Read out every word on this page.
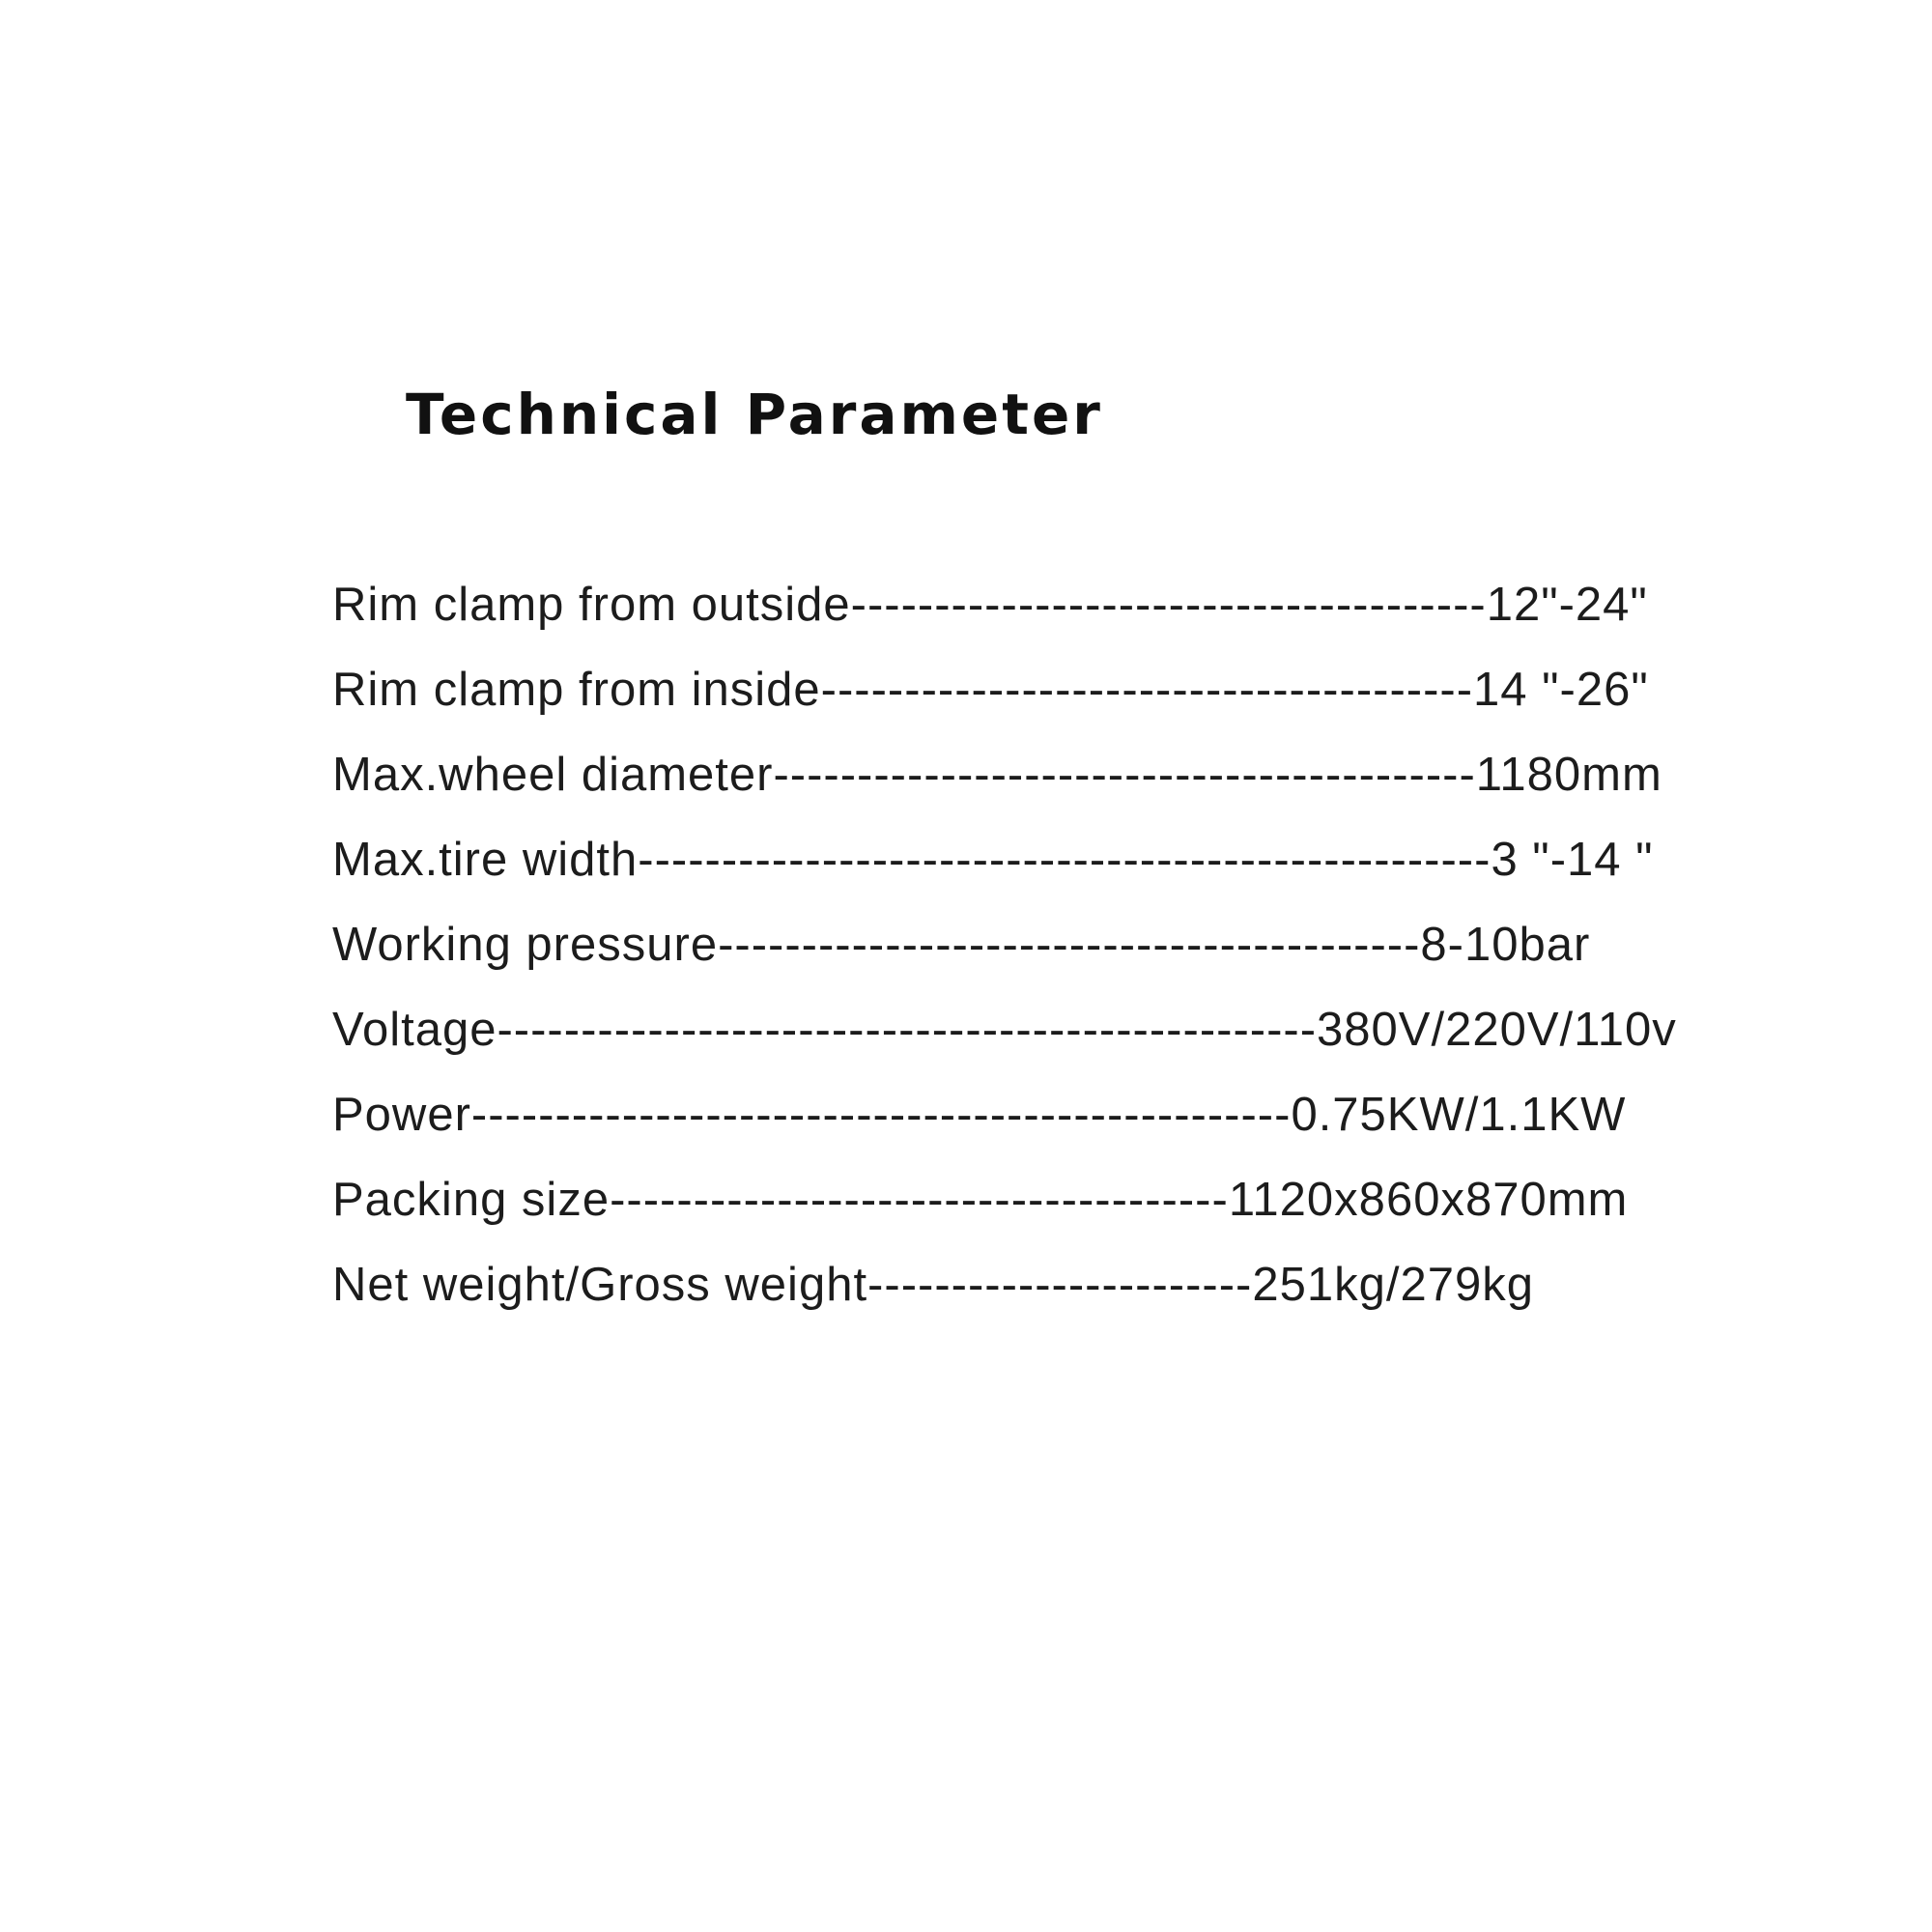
Technical Parameter
Rim clamp from outside--------------------------------------12"-24"
Rim clamp from inside---------------------------------------14 "-26"
Max.wheel diameter------------------------------------------1180mm
Max.tire width---------------------------------------------------3 "-14 "
Working pressure------------------------------------------8-10bar
Voltage-------------------------------------------------380V/220V/110v
Power-------------------------------------------------0.75KW/1.1KW
Packing size-------------------------------------1120x860x870mm
Net weight/Gross weight-----------------------251kg/279kg
